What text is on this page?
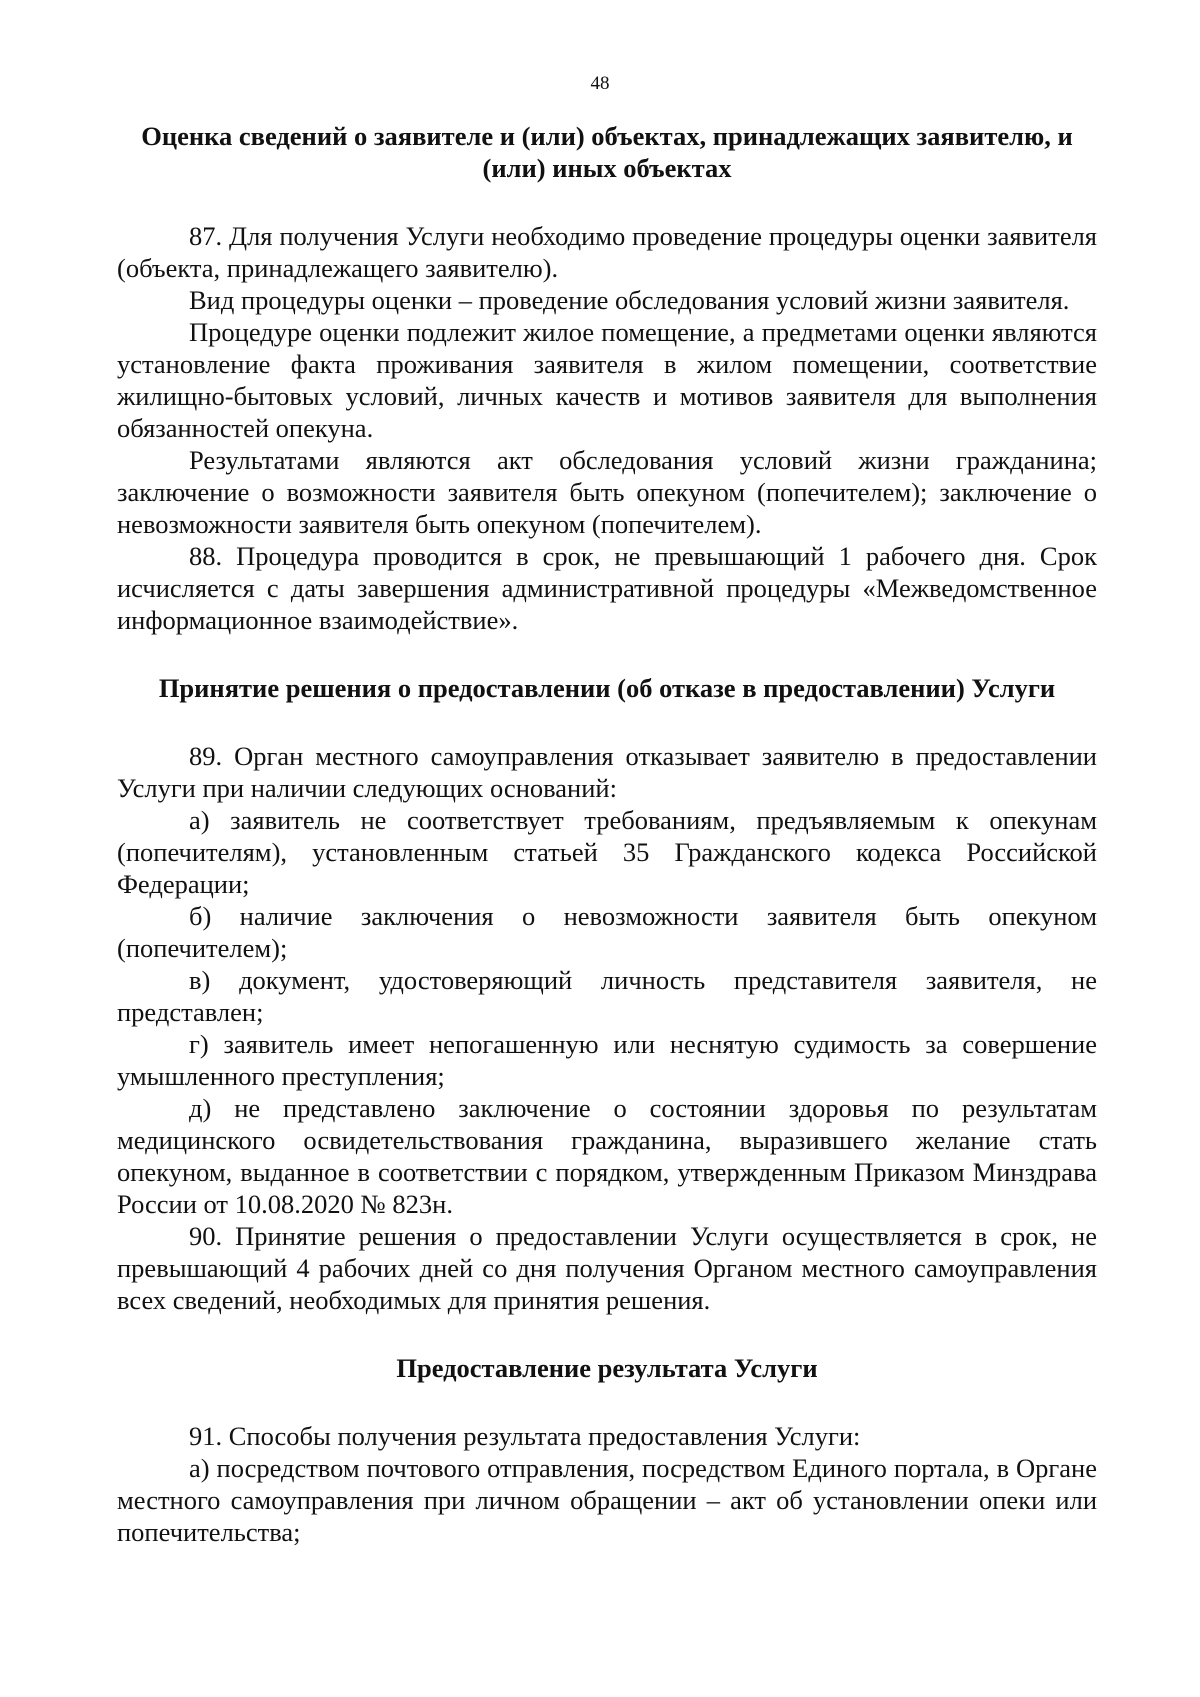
48
Оценка сведений о заявителе и (или) объектах, принадлежащих заявителю, и (или) иных объектах

87. Для получения Услуги необходимо проведение процедуры оценки заявителя (объекта, принадлежащего заявителю).

Вид процедуры оценки – проведение обследования условий жизни заявителя.

Процедуре оценки подлежит жилое помещение, а предметами оценки являются установление факта проживания заявителя в жилом помещении, соответствие жилищно-бытовых условий, личных качеств и мотивов заявителя для выполнения обязанностей опекуна.

Результатами являются акт обследования условий жизни гражданина; заключение о возможности заявителя быть опекуном (попечителем); заключение о невозможности заявителя быть опекуном (попечителем).

88. Процедура проводится в срок, не превышающий 1 рабочего дня. Срок исчисляется с даты завершения административной процедуры «Межведомственное информационное взаимодействие».

Принятие решения о предоставлении (об отказе в предоставлении) Услуги

89. Орган местного самоуправления отказывает заявителю в предоставлении Услуги при наличии следующих оснований:

а) заявитель не соответствует требованиям, предъявляемым к опекунам (попечителям), установленным статьей 35 Гражданского кодекса Российской Федерации;

б) наличие заключения о невозможности заявителя быть опекуном (попечителем);

в) документ, удостоверяющий личность представителя заявителя, не представлен;

г) заявитель имеет непогашенную или неснятую судимость за совершение умышленного преступления;

д) не представлено заключение о состоянии здоровья по результатам медицинского освидетельствования гражданина, выразившего желание стать опекуном, выданное в соответствии с порядком, утвержденным Приказом Минздрава России от 10.08.2020 № 823н.

90. Принятие решения о предоставлении Услуги осуществляется в срок, не превышающий 4 рабочих дней со дня получения Органом местного самоуправления всех сведений, необходимых для принятия решения.

Предоставление результата Услуги

91. Способы получения результата предоставления Услуги:

а) посредством почтового отправления, посредством Единого портала, в Органе местного самоуправления при личном обращении – акт об установлении опеки или попечительства;
